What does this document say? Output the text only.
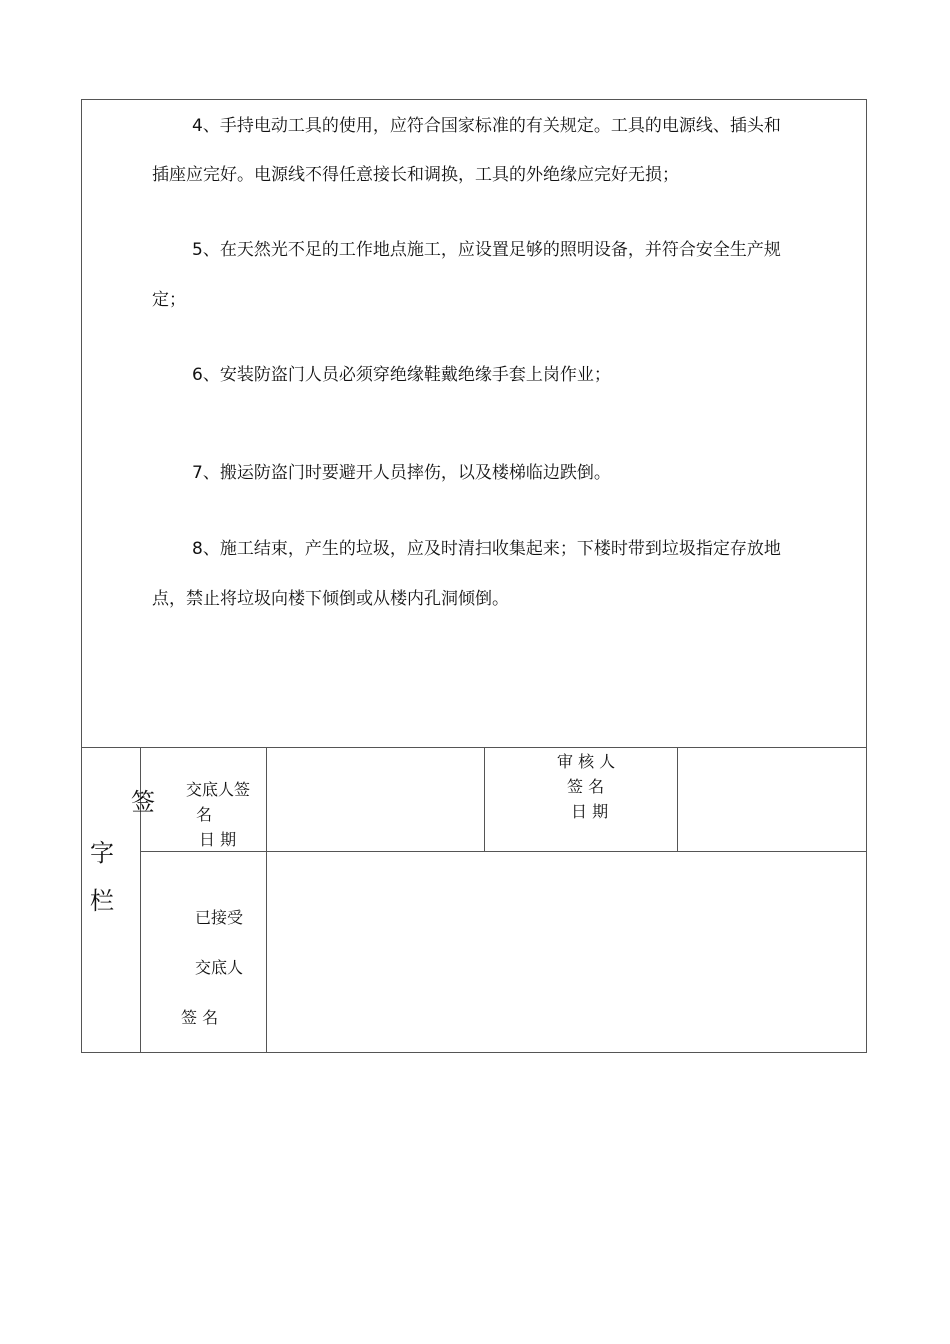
4、手持电动工具的使用，应符合国家标准的有关规定。工具的电源线、插头和
插座应完好。电源线不得任意接长和调换，工具的外绝缘应完好无损；
5、在天然光不足的工作地点施工，应设置足够的照明设备，并符合安全生产规
定；
6、安装防盗门人员必须穿绝缘鞋戴绝缘手套上岗作业；
7、搬运防盗门时要避开人员摔伤，以及楼梯临边跌倒。
8、施工结束，产生的垃圾，应及时清扫收集起来；下楼时带到垃圾指定存放地
点，禁止将垃圾向楼下倾倒或从楼内孔洞倾倒。
签
字
栏
交底人签
名
日 期
审 核 人
签 名
日 期
已接受
交底人
签 名
